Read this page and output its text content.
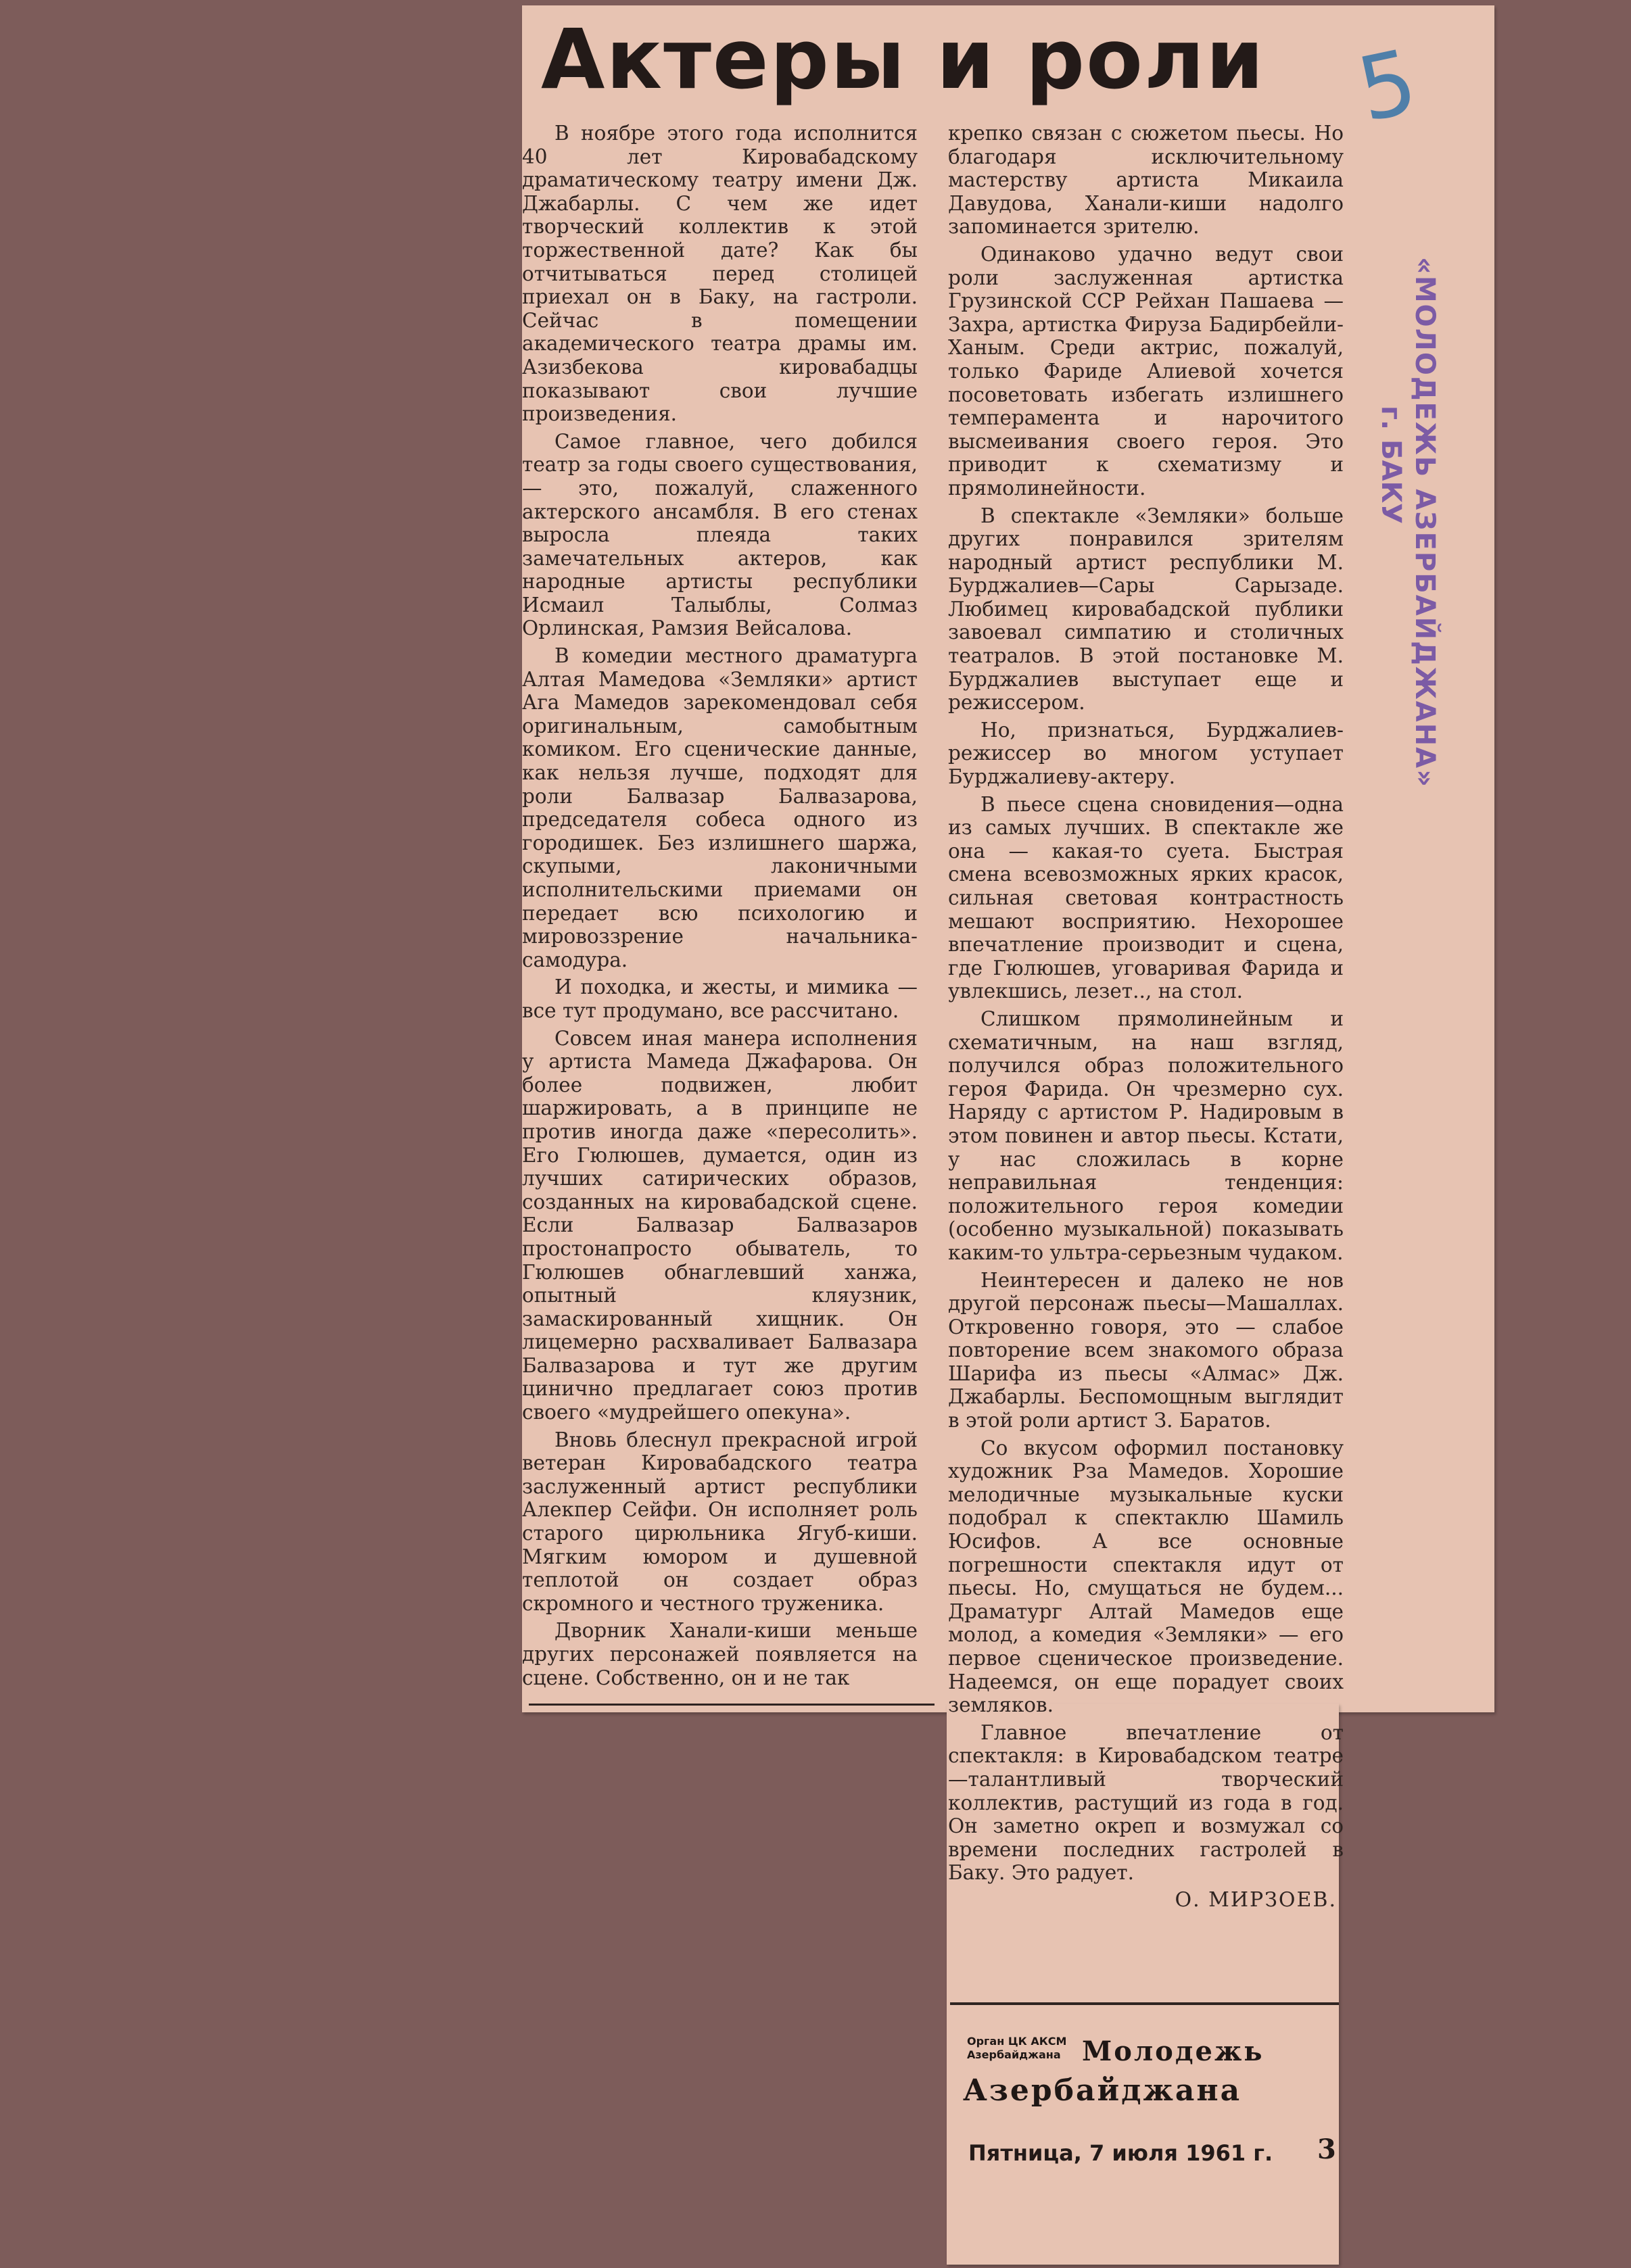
Актеры и роли 5
«МОЛОДЕЖЬ АЗЕРБАЙДЖАНА»
г. БАКУ

В ноябре этого года исполнится 40 лет Кировабадскому драматическому театру имени Дж. Джабарлы. С чем же идет творческий коллектив к этой торжественной дате? Как бы отчитываться перед столицей приехал он в Баку, на гастроли. Сейчас в помещении академического театра драмы им. Азизбекова кировабадцы показывают свои лучшие произведения.

Самое главное, чего добился театр за годы своего существования, — это, пожалуй, слаженного актерского ансамбля. В его стенах выросла плеяда таких замечательных актеров, как народные артисты республики Исмаил Талыблы, Солмаз Орлинская, Рамзия Вейсалова.

В комедии местного драматурга Алтая Мамедова «Земляки» артист Ага Мамедов зарекомендовал себя оригинальным, самобытным комиком. Его сценические данные, как нельзя лучше, подходят для роли Балвазар Балвазарова, председателя собеса одного из городишек. Без излишнего шаржа, скупыми, лаконичными исполнительскими приемами он передает всю психологию и мировоззрение начальника-самодура.

И походка, и жесты, и мимика — все тут продумано, все рассчитано.

Совсем иная манера исполнения у артиста Мамеда Джафарова. Он более подвижен, любит шаржировать, а в принципе не против иногда даже «пересолить». Его Гюлюшев, думается, один из лучших сатирических образов, созданных на кировабадской сцене. Если Балвазар Балвазаров простонапросто обыватель, то Гюлюшев обнаглевший ханжа, опытный кляузник, замаскированный хищник. Он лицемерно расхваливает Балвазара Балвазарова и тут же другим цинично предлагает союз против своего «мудрейшего опекуна».

Вновь блеснул прекрасной игрой ветеран Кировабадского театра заслуженный артист республики Алекпер Сейфи. Он исполняет роль старого цирюльника Ягуб-киши. Мягким юмором и душевной теплотой он создает образ скромного и честного труженика.

Дворник Ханали-киши меньше других персонажей появляется на сцене. Собственно, он и не так

крепко связан с сюжетом пьесы. Но благодаря исключительному мастерству артиста Микаила Давудова, Ханали-киши надолго запоминается зрителю.

Одинаково удачно ведут свои роли заслуженная артистка Грузинской ССР Рейхан Пашаева — Захра, артистка Фируза Бадирбейли-Ханым. Среди актрис, пожалуй, только Фариде Алиевой хочется посоветовать избегать излишнего темперамента и нарочитого высмеивания своего героя. Это приводит к схематизму и прямолинейности.

В спектакле «Земляки» больше других понравился зрителям народный артист республики М. Бурджалиев—Сары Сарызаде. Любимец кировабадской публики завоевал симпатию и столичных театралов. В этой постановке М. Бурджалиев выступает еще и режиссером.

Но, признаться, Бурджалиев-режиссер во многом уступает Бурджалиеву-актеру.

В пьесе сцена сновидения—одна из самых лучших. В спектакле же она — какая-то суета. Быстрая смена всевозможных ярких красок, сильная световая контрастность мешают восприятию. Нехорошее впечатление производит и сцена, где Гюлюшев, уговаривая Фарида и увлекшись, лезет.., на стол.

Слишком прямолинейным и схематичным, на наш взгляд, получился образ положительного героя Фарида. Он чрезмерно сух. Наряду с артистом Р. Надировым в этом повинен и автор пьесы. Кстати, у нас сложилась в корне неправильная тенденция: положительного героя комедии (особенно музыкальной) показывать каким-то ультра-серьезным чудаком.

Неинтересен и далеко не нов другой персонаж пьесы—Машаллах. Откровенно говоря, это — слабое повторение всем знакомого образа Шарифа из пьесы «Алмас» Дж. Джабарлы. Беспомощным выглядит в этой роли артист З. Баратов.

Со вкусом оформил постановку художник Рза Мамедов. Хорошие мелодичные музыкальные куски подобрал к спектаклю Шамиль Юсифов. А все основные погрешности спектакля идут от пьесы. Но, смущаться не будем... Драматург Алтай Мамедов еще молод, а комедия «Земляки» — его первое сценическое произведение. Надеемся, он еще порадует своих земляков.

Главное впечатление от спектакля: в Кировабадском театре—талантливый творческий коллектив, растущий из года в год. Он заметно окреп и возмужал со времени последних гастролей в Баку. Это радует.

О. МИРЗОЕВ.
Орган ЦК АКСМ Азербайджана Молодежь
Азербайджана
Пятница, 7 июля 1961 г.	3
